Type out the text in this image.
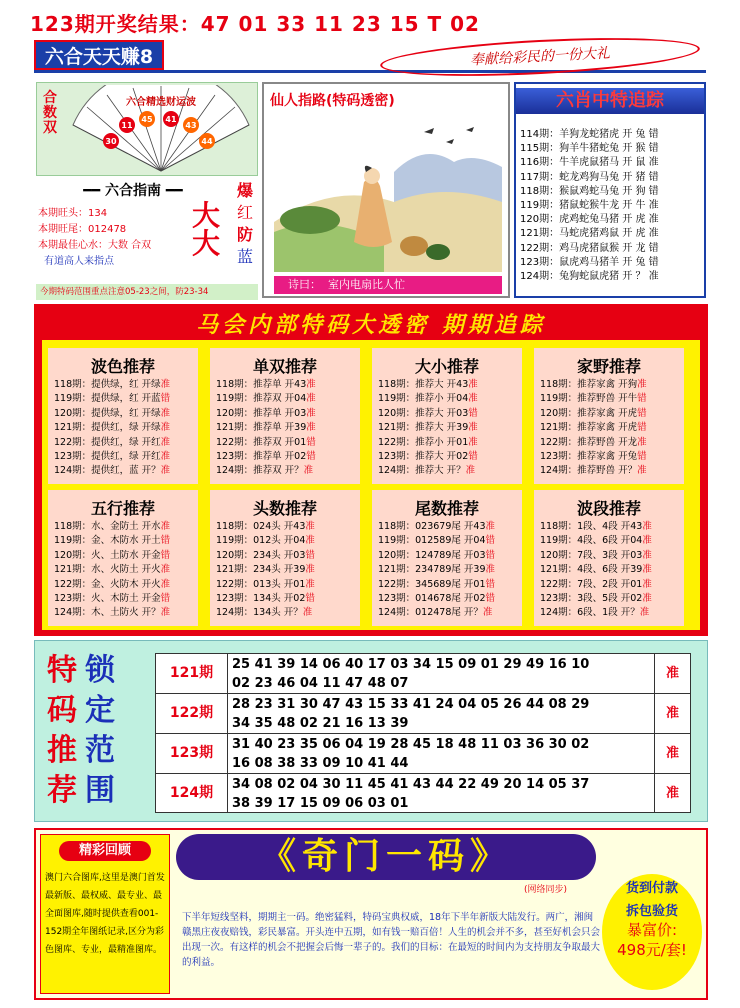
123期开奖结果：47 01 33 11 23 15 T 02
六合天天赚8	奉献给彩民的一份大礼
合数双
六合精选财运波
11
45 41
43
30	44
━━ 六合指南 ━━
本期旺头：134
本期旺尾：012478
本期最佳心水：大数 合双
有道高人来指点
大大
爆
红
防
蓝
今期特码范围重点注意05-23之间，防23-34
仙人指路(特码透密)
诗曰： 室内电扇比人忙
六肖中特追踪
114期：羊狗龙蛇猪虎 开 兔 错
115期：狗羊牛猪蛇兔 开 猴 错
116期：牛羊虎鼠猪马 开 鼠 准
117期：蛇龙鸡狗马兔 开 猪 错
118期：猴鼠鸡蛇马兔 开 狗 错
119期：猪鼠蛇猴牛龙 开 牛 准
120期：虎鸡蛇兔马猪 开 虎 准
121期：马蛇虎猪鸡鼠 开 虎 准
122期：鸡马虎猪鼠猴 开 龙 错
123期：鼠虎鸡马猪羊 开 兔 错
124期：兔狗蛇鼠虎猪 开 ？ 准
马会内部特码大透密 期期追踪
波色推荐
118期：提供绿，红 开绿准
119期：提供绿，红 开蓝错
120期：提供绿，红 开绿准
121期：提供红，绿 开绿准
122期：提供红，绿 开红准
123期：提供红，绿 开红准
124期：提供红，蓝 开？准
单双推荐
118期：推荐单 开43准
119期：推荐双 开04准
120期：推荐单 开03准
121期：推荐单 开39准
122期：推荐双 开01错
123期：推荐单 开02错
124期：推荐双 开？准
大小推荐
118期：推荐大 开43准
119期：推荐小 开04准
120期：推荐大 开03错
121期：推荐大 开39准
122期：推荐小 开01准
123期：推荐大 开02错
124期：推荐大 开？准
家野推荐
118期：推荐家禽 开狗准
119期：推荐野兽 开牛错
120期：推荐家禽 开虎错
121期：推荐家禽 开虎错
122期：推荐野兽 开龙准
123期：推荐家禽 开兔错
124期：推荐野兽 开？准
五行推荐
118期：水、金防土 开水准
119期：金、木防水 开土错
120期：火、土防水 开金错
121期：水、火防土 开火准
122期：金、火防木 开火准
123期：火、木防土 开金错
124期：木、土防火 开？准
头数推荐
118期：024头 开43准
119期：012头 开04准
120期：234头 开03错
121期：234头 开39准
122期：013头 开01准
123期：134头 开02错
124期：134头 开？准
尾数推荐
118期：023679尾 开43准
119期：012589尾 开04错
120期：124789尾 开03错
121期：234789尾 开39准
122期：345689尾 开01错
123期：014678尾 开02错
124期：012478尾 开？准
波段推荐
118期：1段、4段 开43准
119期：4段、6段 开04准
120期：7段、3段 开03准
121期：4段、6段 开39准
122期：7段、2段 开01准
123期：3段、5段 开02准
124期：6段、1段 开？准
特 锁
码 定
推 范
荐 围
121期
25 41 39 14 06 40 17 03 34 15 09 01 29 49 16 10
02 23 46 04 11 47 48 07
准
122期
28 23 31 30 47 43 15 33 41 24 04 05 26 44 08 29
34 35 48 02 21 16 13 39
准
123期
31 40 23 35 06 04 19 28 45 18 48 11 03 36 30 02
16 08 38 33 09 10 41 44
准
124期
34 08 02 04 30 11 45 41 43 44 22 49 20 14 05 37
38 39 17 15 09 06 03 01
准
精彩回顾
澳门六合图库,这里是澳门首发最新版、最权威、最专业、最全面图库,随时提供查看001-152期全年图纸记录,区分为彩色图库、专业，最精准图库。
《奇门一码》
(网络同步)
下半年短线坚料，期期主一码。绝密猛料，特码宝典权威，18年下半年新版大陆发行。两广，湘闽赣黑庄夜夜赔钱，彩民暴富。开头连中五期，如有钱一赔百倍！人生的机会并不多，甚至好机会只会出现一次。有这样的机会不把握会后悔一辈子的。我们的目标：在最短的时间内为支持朋友争取最大的利益。
货到付款
拆包验货
暴富价:
498元/套!
